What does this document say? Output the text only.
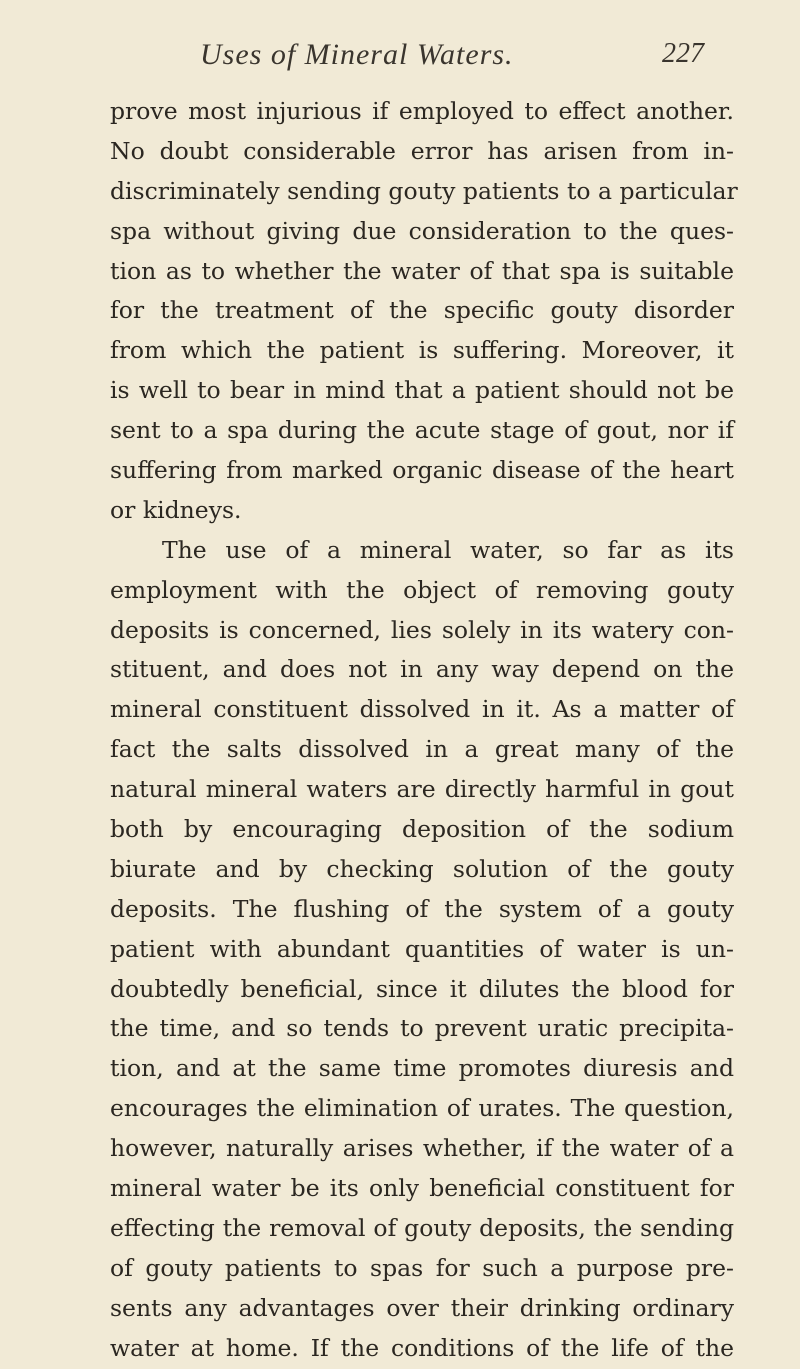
Uses of Mineral Waters.	227
prove most injurious if employed to effect another.
No doubt considerable error has arisen from in-
discriminately sending gouty patients to a particular
spa without giving due consideration to the ques-
tion as to whether the water of that spa is suitable
for the treatment of the specific gouty disorder
from which the patient is suffering. Moreover, it
is well to bear in mind that a patient should not be
sent to a spa during the acute stage of gout, nor if
suffering from marked organic disease of the heart
or kidneys.
The use of a mineral water, so far as its
employment with the object of removing gouty
deposits is concerned, lies solely in its watery con-
stituent, and does not in any way depend on the
mineral constituent dissolved in it. As a matter of
fact the salts dissolved in a great many of the
natural mineral waters are directly harmful in gout
both by encouraging deposition of the sodium
biurate and by checking solution of the gouty
deposits. The flushing of the system of a gouty
patient with abundant quantities of water is un-
doubtedly beneficial, since it dilutes the blood for
the time, and so tends to prevent uratic precipita-
tion, and at the same time promotes diuresis and
encourages the elimination of urates. The question,
however, naturally arises whether, if the water of a
mineral water be its only beneficial constituent for
effecting the removal of gouty deposits, the sending
of gouty patients to spas for such a purpose pre-
sents any advantages over their drinking ordinary
water at home. If the conditions of the life of the
